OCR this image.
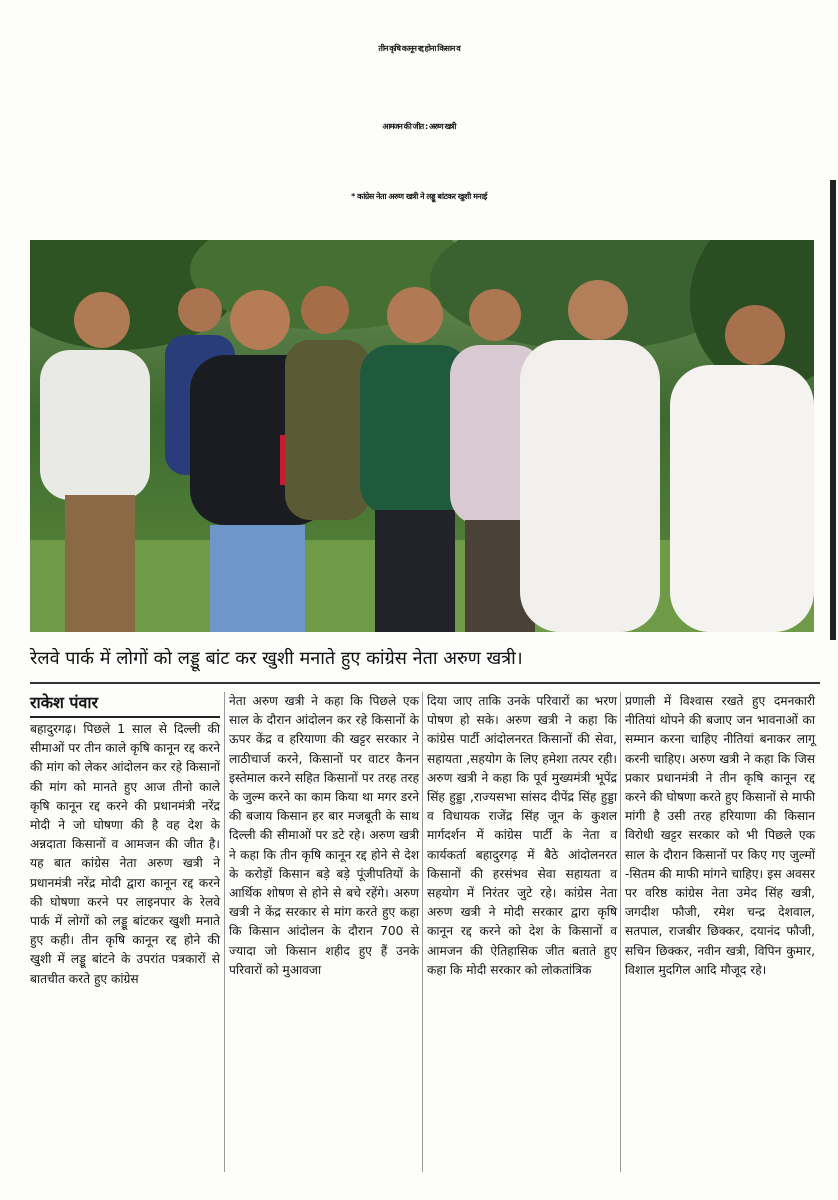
तीन कृषि कानून रद्द होना किसान व
आमजन की जीत : अरुण खत्री
* कांग्रेस नेता अरुण खत्री ने लड्डू बांटकर खुशी मनाई
रेलवे पार्क में लोगों को लड्डू बांट कर खुशी मनाते हुए कांग्रेस नेता अरुण खत्री।
राकेश पंवार

बहादुरगढ़। पिछले 1 साल से दिल्ली की सीमाओं पर तीन काले कृषि कानून रद्द करने की मांग को लेकर आंदोलन कर रहे किसानों की मांग को मानते हुए आज तीनो काले कृषि कानून रद्द करने की प्रधानमंत्री नरेंद्र मोदी ने जो घोषणा की है वह देश के अन्नदाता किसानों व आमजन की जीत है। यह बात कांग्रेस नेता अरुण खत्री ने प्रधानमंत्री नरेंद्र मोदी द्वारा कानून रद्द करने की घोषणा करने पर लाइनपार के रेलवे पार्क में लोगों को लड्डू बांटकर खुशी मनाते हुए कही। तीन कृषि कानून रद्द होने की खुशी में लड्डू बांटने के उपरांत पत्रकारों से बातचीत करते हुए कांग्रेस

नेता अरुण खत्री ने कहा कि पिछले एक साल के दौरान आंदोलन कर रहे किसानों के ऊपर केंद्र व हरियाणा की खट्टर सरकार ने लाठीचार्ज करने, किसानों पर वाटर कैनन इस्तेमाल करने सहित किसानों पर तरह तरह के जुल्म करने का काम किया था मगर डरने की बजाय किसान हर बार मजबूती के साथ दिल्ली की सीमाओं पर डटे रहे। अरुण खत्री ने कहा कि तीन कृषि कानून रद्द होने से देश के करोड़ों किसान बड़े बड़े पूंजीपतियों के आर्थिक शोषण से होने से बचे रहेंगे। अरुण खत्री ने केंद्र सरकार से मांग करते हुए कहा कि किसान आंदोलन के दौरान 700 से ज्यादा जो किसान शहीद हुए हैं उनके परिवारों को मुआवजा

दिया जाए ताकि उनके परिवारों का भरण पोषण हो सके। अरुण खत्री ने कहा कि कांग्रेस पार्टी आंदोलनरत किसानों की सेवा, सहायता ,सहयोग के लिए हमेशा तत्पर रही। अरुण खत्री ने कहा कि पूर्व मुख्यमंत्री भूपेंद्र सिंह हुड्डा ,राज्यसभा सांसद दीपेंद्र सिंह हुड्डा व विधायक राजेंद्र सिंह जून के कुशल मार्गदर्शन में कांग्रेस पार्टी के नेता व कार्यकर्ता बहादुरगढ़ में बैठे आंदोलनरत किसानों की हरसंभव सेवा सहायता व सहयोग में निरंतर जुटे रहे। कांग्रेस नेता अरुण खत्री ने मोदी सरकार द्वारा कृषि कानून रद्द करने को देश के किसानों व आमजन की ऐतिहासिक जीत बताते हुए कहा कि मोदी सरकार को लोकतांत्रिक

प्रणाली में विश्वास रखते हुए दमनकारी नीतियां थोपने की बजाए जन भावनाओं का सम्मान करना चाहिए नीतियां बनाकर लागू करनी चाहिए। अरुण खत्री ने कहा कि जिस प्रकार प्रधानमंत्री ने तीन कृषि कानून रद्द करने की घोषणा करते हुए किसानों से माफी मांगी है उसी तरह हरियाणा की किसान विरोधी खट्टर सरकार को भी पिछले एक साल के दौरान किसानों पर किए गए जुल्मों -सितम की माफी मांगने चाहिए। इस अवसर पर वरिष्ठ कांग्रेस नेता उमेद सिंह खत्री, जगदीश फौजी, रमेश चन्द्र देशवाल, सतपाल, राजबीर छिक्कर, दयानंद फौजी, सचिन छिक्कर, नवीन खत्री, विपिन कुमार, विशाल मुदगिल आदि मौजूद रहे।
